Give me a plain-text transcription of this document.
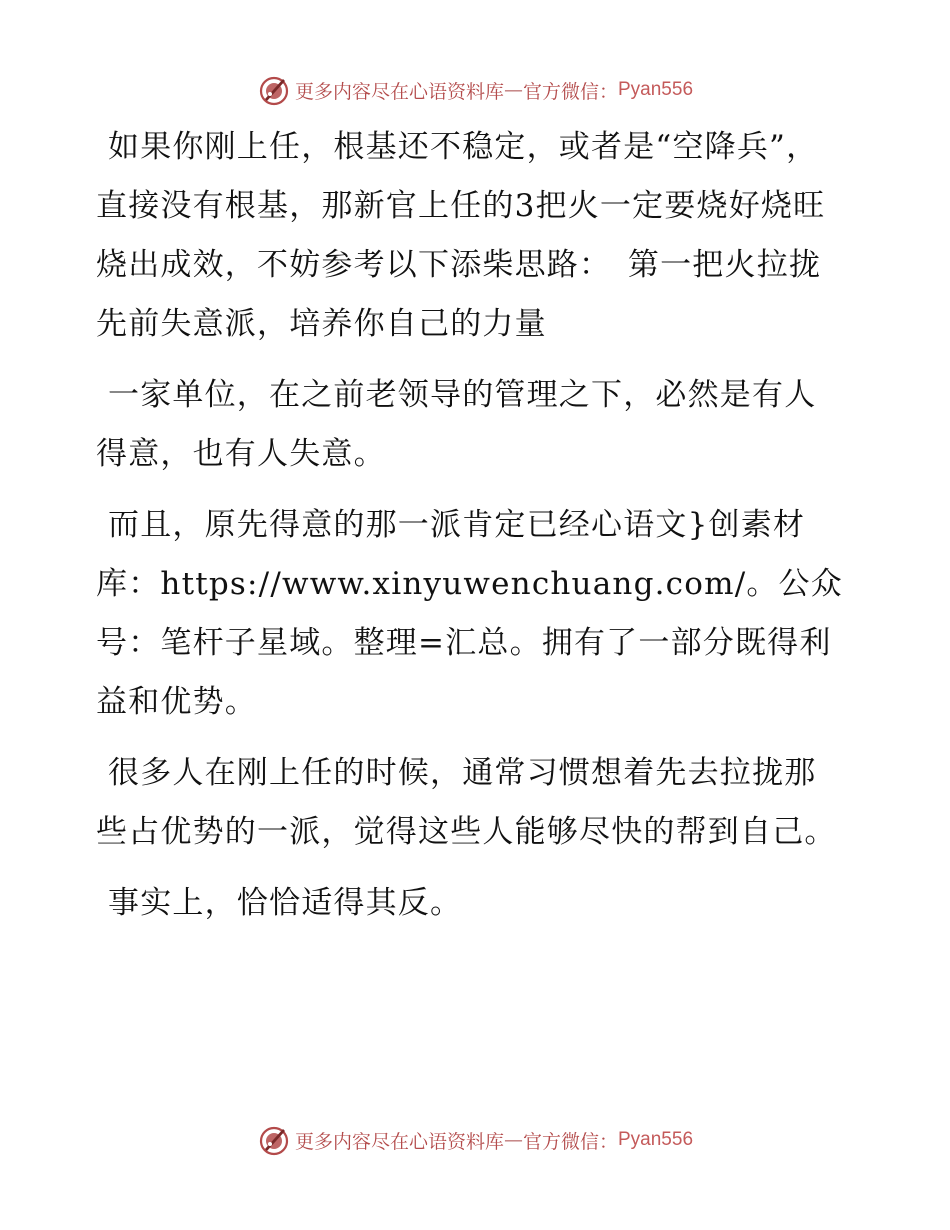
更多内容尽在心语资料库 — 官方微信： Pyan556

如果你刚上任，根基还不稳定，或者是“空降兵”，直接没有根基，那新官上任的3把火一定要烧好烧旺烧出成效，不妨参考以下添柴思路：　第一把火拉拢先前失意派，培养你自己的力量

一家单位，在之前老领导的管理之下，必然是有人得意，也有人失意。

而且，原先得意的那一派肯定已经心语文}创素材库：https://www.xinyuwenchuang.com/。公众号：笔杆子星域。整理=汇总。拥有了一部分既得利益和优势。

很多人在刚上任的时候，通常习惯想着先去拉拢那些占优势的一派，觉得这些人能够尽快的帮到自己。

事实上，恰恰适得其反。

更多内容尽在心语资料库 — 官方微信： Pyan556
